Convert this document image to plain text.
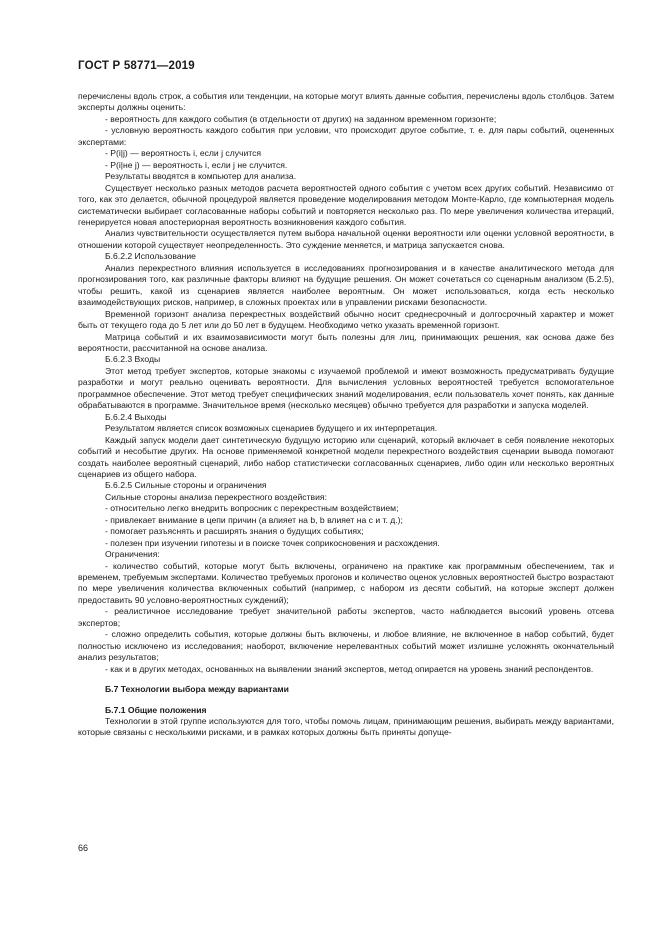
ГОСТ Р 58771—2019

перечислены вдоль строк, а события или тенденции, на которые могут влиять данные события, перечислены вдоль столбцов. Затем эксперты должны оценить:

- вероятность для каждого события (в отдельности от других) на заданном временном горизонте;

- условную вероятность каждого события при условии, что происходит другое событие, т. е. для пары событий, оцененных экспертами:

- P(i|j) — вероятность i, если j случится

- P(i|не j) — вероятность i, если j не случится.

Результаты вводятся в компьютер для анализа.

Существует несколько разных методов расчета вероятностей одного события с учетом всех других событий. Независимо от того, как это делается, обычной процедурой является проведение моделирования методом Монте-Карло, где компьютерная модель систематически выбирает согласованные наборы событий и повторяется несколько раз. По мере увеличения количества итераций, генерируется новая апостериорная вероятность возникновения каждого события.

Анализ чувствительности осуществляется путем выбора начальной оценки вероятности или оценки условной вероятности, в отношении которой существует неопределенность. Это суждение меняется, и матрица запускается снова.

Б.6.2.2 Использование

Анализ перекрестного влияния используется в исследованиях прогнозирования и в качестве аналитического метода для прогнозирования того, как различные факторы влияют на будущие решения. Он может сочетаться со сценарным анализом (Б.2.5), чтобы решить, какой из сценариев является наиболее вероятным. Он может использоваться, когда есть несколько взаимодействующих рисков, например, в сложных проектах или в управлении рисками безопасности.

Временной горизонт анализа перекрестных воздействий обычно носит среднесрочный и долгосрочный характер и может быть от текущего года до 5 лет или до 50 лет в будущем. Необходимо четко указать временной горизонт.

Матрица событий и их взаимозависимости могут быть полезны для лиц, принимающих решения, как основа даже без вероятности, рассчитанной на основе анализа.

Б.6.2.3 Входы

Этот метод требует экспертов, которые знакомы с изучаемой проблемой и имеют возможность предусматривать будущие разработки и могут реально оценивать вероятности. Для вычисления условных вероятностей требуется вспомогательное программное обеспечение. Этот метод требует специфических знаний моделирования, если пользователь хочет понять, как данные обрабатываются в программе. Значительное время (несколько месяцев) обычно требуется для разработки и запуска моделей.

Б.6.2.4 Выходы

Результатом является список возможных сценариев будущего и их интерпретация.

Каждый запуск модели дает синтетическую будущую историю или сценарий, который включает в себя появление некоторых событий и несобытие других. На основе применяемой конкретной модели перекрестного воздействия сценарии вывода помогают создать наиболее вероятный сценарий, либо набор статистически согласованных сценариев, либо один или несколько вероятных сценариев из общего набора.

Б.6.2.5 Сильные стороны и ограничения

Сильные стороны анализа перекрестного воздействия:

- относительно легко внедрить вопросник с перекрестным воздействием;

- привлекает внимание в цепи причин (a влияет на b, b влияет на c и т. д.);

- помогает разъяснять и расширять знания о будущих событиях;

- полезен при изучении гипотезы и в поиске точек соприкосновения и расхождения.

Ограничения:

- количество событий, которые могут быть включены, ограничено на практике как программным обеспечением, так и временем, требуемым экспертами. Количество требуемых прогонов и количество оценок условных вероятностей быстро возрастают по мере увеличения количества включенных событий (например, с набором из десяти событий, на которые эксперт должен предоставить 90 условно-вероятностных суждений);

- реалистичное исследование требует значительной работы экспертов, часто наблюдается высокий уровень отсева экспертов;

- сложно определить события, которые должны быть включены, и любое влияние, не включенное в набор событий, будет полностью исключено из исследования; наоборот, включение нерелевантных событий может излишне усложнять окончательный анализ результатов;

- как и в других методах, основанных на выявлении знаний экспертов, метод опирается на уровень знаний респондентов.

Б.7 Технологии выбора между вариантами

Б.7.1 Общие положения

Технологии в этой группе используются для того, чтобы помочь лицам, принимающим решения, выбирать между вариантами, которые связаны с несколькими рисками, и в рамках которых должны быть приняты допуще-

66
